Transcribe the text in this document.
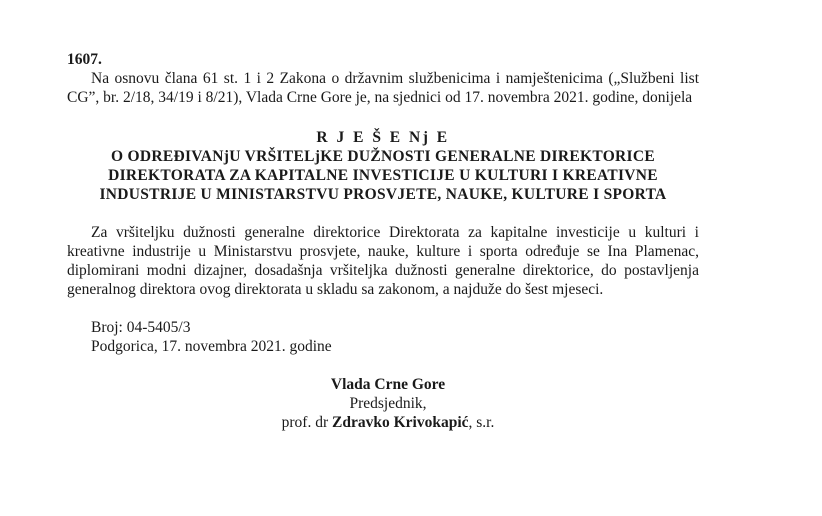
1607.

Na osnovu člana 61 st. 1 i 2 Zakona o državnim službenicima i namještenicima („Službeni list CG”, br. 2/18, 34/19 i 8/21), Vlada Crne Gore je, na sjednici od 17. novembra 2021. godine, donijela

R J E Š E Nj E
O ODREĐIVANjU VRŠITELjKE DUŽNOSTI GENERALNE DIREKTORICE
DIREKTORATA ZA KAPITALNE INVESTICIJE U KULTURI I KREATIVNE
INDUSTRIJE U MINISTARSTVU PROSVJETE, NAUKE, KULTURE I SPORTA

Za vršiteljku dužnosti generalne direktorice Direktorata za kapitalne investicije u kulturi i kreativne industrije u Ministarstvu prosvjete, nauke, kulture i sporta određuje se Ina Plamenac, diplomirani modni dizajner, dosadašnja vršiteljka dužnosti generalne direktorice, do postavljenja generalnog direktora ovog direktorata u skladu sa zakonom, a najduže do šest mjeseci.

Broj: 04-5405/3
Podgorica, 17. novembra 2021. godine
Vlada Crne Gore
Predsjednik,
prof. dr Zdravko Krivokapić, s.r.
